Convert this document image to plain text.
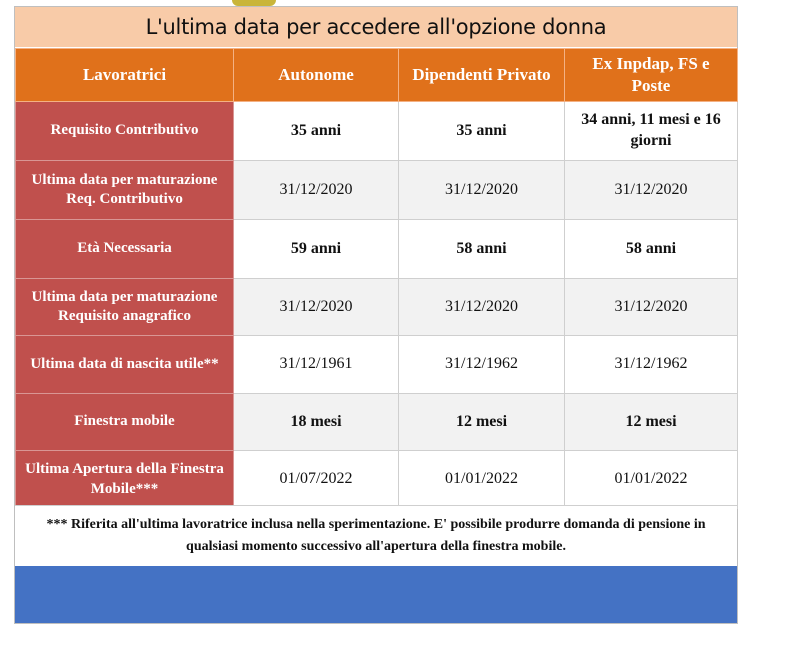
L'ultima data per accedere all'opzione donna
Lavoratrici	Autonome	Dipendenti Privato	Ex Inpdap, FS e Poste
Requisito Contributivo	35 anni	35 anni	34 anni, 11 mesi e 16 giorni
Ultima data per maturazione Req. Contributivo	31/12/2020	31/12/2020	31/12/2020
Età Necessaria	59 anni	58 anni	58 anni
Ultima data per maturazione Requisito anagrafico	31/12/2020	31/12/2020	31/12/2020
Ultima data di nascita utile**	31/12/1961	31/12/1962	31/12/1962
Finestra mobile	18 mesi	12 mesi	12 mesi
Ultima Apertura della Finestra Mobile***	01/07/2022	01/01/2022	01/01/2022
*** Riferita all'ultima lavoratrice inclusa nella sperimentazione. E' possibile produrre domanda di pensione in qualsiasi momento successivo all'apertura della finestra mobile.
